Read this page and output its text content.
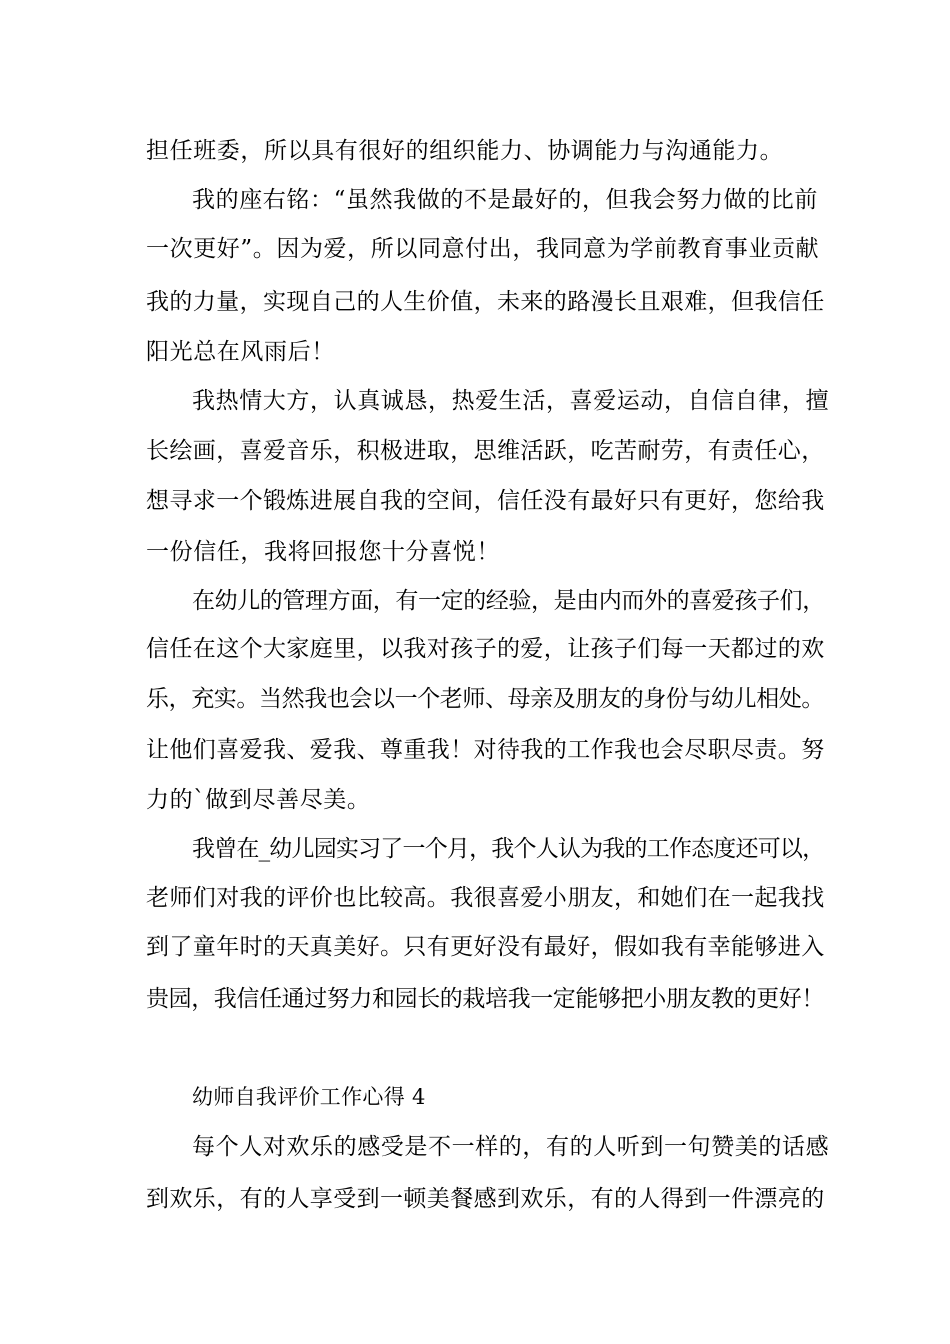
担任班委，所以具有很好的组织能力、协调能力与沟通能力。
我的座右铭：“虽然我做的不是最好的，但我会努力做的比前
一次更好”。因为爱，所以同意付出，我同意为学前教育事业贡献
我的力量，实现自己的人生价值，未来的路漫长且艰难，但我信任
阳光总在风雨后！
我热情大方，认真诚恳，热爱生活，喜爱运动，自信自律，擅
长绘画，喜爱音乐，积极进取，思维活跃，吃苦耐劳，有责任心，
想寻求一个锻炼进展自我的空间，信任没有最好只有更好，您给我
一份信任，我将回报您十分喜悦！
在幼儿的管理方面，有一定的经验，是由内而外的喜爱孩子们，
信任在这个大家庭里，以我对孩子的爱，让孩子们每一天都过的欢
乐，充实。当然我也会以一个老师、母亲及朋友的身份与幼儿相处。
让他们喜爱我、爱我、尊重我！对待我的工作我也会尽职尽责。努
力的`做到尽善尽美。
我曾在_幼儿园实习了一个月，我个人认为我的工作态度还可以，
老师们对我的评价也比较高。我很喜爱小朋友，和她们在一起我找
到了童年时的天真美好。只有更好没有最好，假如我有幸能够进入
贵园，我信任通过努力和园长的栽培我一定能够把小朋友教的更好！
幼师自我评价工作心得 4
每个人对欢乐的感受是不一样的，有的人听到一句赞美的话感
到欢乐，有的人享受到一顿美餐感到欢乐，有的人得到一件漂亮的
